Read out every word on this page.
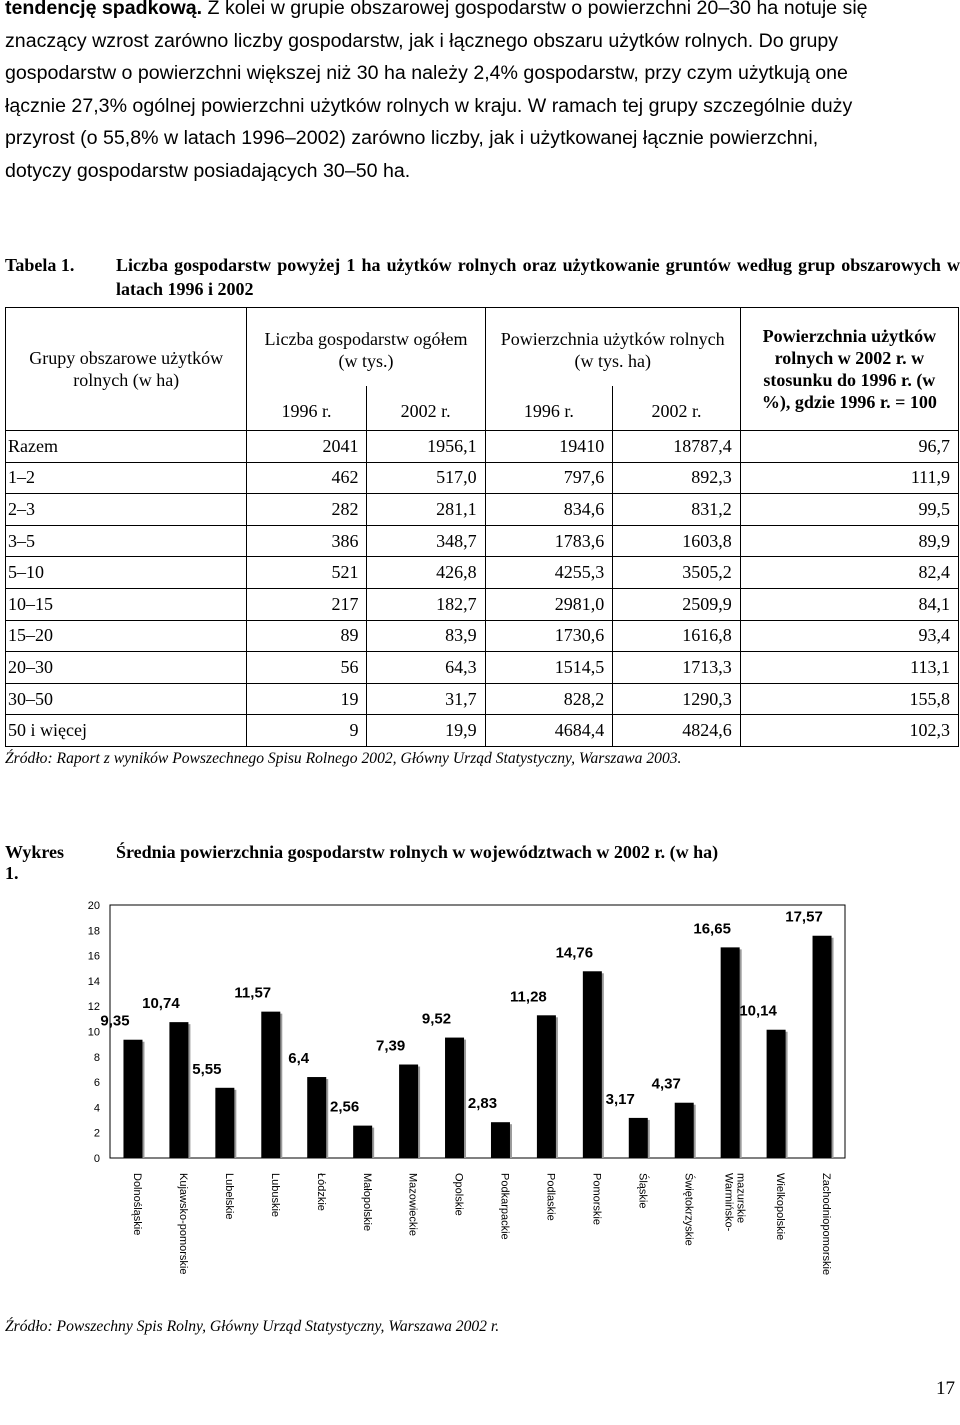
tendencję spadkową. Z kolei w grupie obszarowej gospodarstw o powierzchni 20–30 ha notuje się
znaczący wzrost zarówno liczby gospodarstw, jak i łącznego obszaru użytków rolnych. Do grupy
gospodarstw o powierzchni większej niż 30 ha należy 2,4% gospodarstw, przy czym użytkują one
łącznie 27,3% ogólnej powierzchni użytków rolnych w kraju. W ramach tej grupy szczególnie duży
przyrost (o 55,8% w latach 1996–2002) zarówno liczby, jak i użytkowanej łącznie powierzchni,
dotyczy gospodarstw posiadających 30–50 ha.
Tabela 1. Liczba gospodarstw powyżej 1 ha użytków rolnych oraz użytkowanie gruntów według grup obszarowych w latach 1996 i 2002
Grupy obszarowe użytków rolnych (w ha)	Liczba gospodarstw ogółem (w tys.)		Powierzchnia użytków rolnych (w tys. ha)		Powierzchnia użytków rolnych w 2002 r. w stosunku do 1996 r. (w %), gdzie 1996 r. = 100
	1996 r.	2002 r.	1996 r.	2002 r.	
Razem	2041	1956,1	19410	18787,4	96,7
1–2	462	517,0	797,6	892,3	111,9
2–3	282	281,1	834,6	831,2	99,5
3–5	386	348,7	1783,6	1603,8	89,9
5–10	521	426,8	4255,3	3505,2	82,4
10–15	217	182,7	2981,0	2509,9	84,1
15–20	89	83,9	1730,6	1616,8	93,4
20–30	56	64,3	1514,5	1713,3	113,1
30–50	19	31,7	828,2	1290,3	155,8
50 i więcej	9	19,9	4684,4	4824,6	102,3
Źródło: Raport z wyników Powszechnego Spisu Rolnego 2002, Główny Urząd Statystyczny, Warszawa 2003.
Wykres 1.
Średnia powierzchnia gospodarstw rolnych w województwach w 2002 r. (w ha)
0
2
4
6
8
10
12
14
16
18
20
9,35
Dolnośląskie
10,74
Kujawsko-pomorskie
5,55
Lubelskie
11,57
Lubuskie
6,4
Łódzkie
2,56
Małopolskie
7,39
Mazowieckie
9,52
Opolskie
2,83
Podkarpackie
11,28
Podlaskie
14,76
Pomorskie
3,17
Śląskie
4,37
Świętokrzyskie
16,65
Warmińsko- mazurskie
10,14
Wielkopolskie
17,57
Zachodniopomorskie
Źródło: Powszechny Spis Rolny, Główny Urząd Statystyczny, Warszawa 2002 r.
17
